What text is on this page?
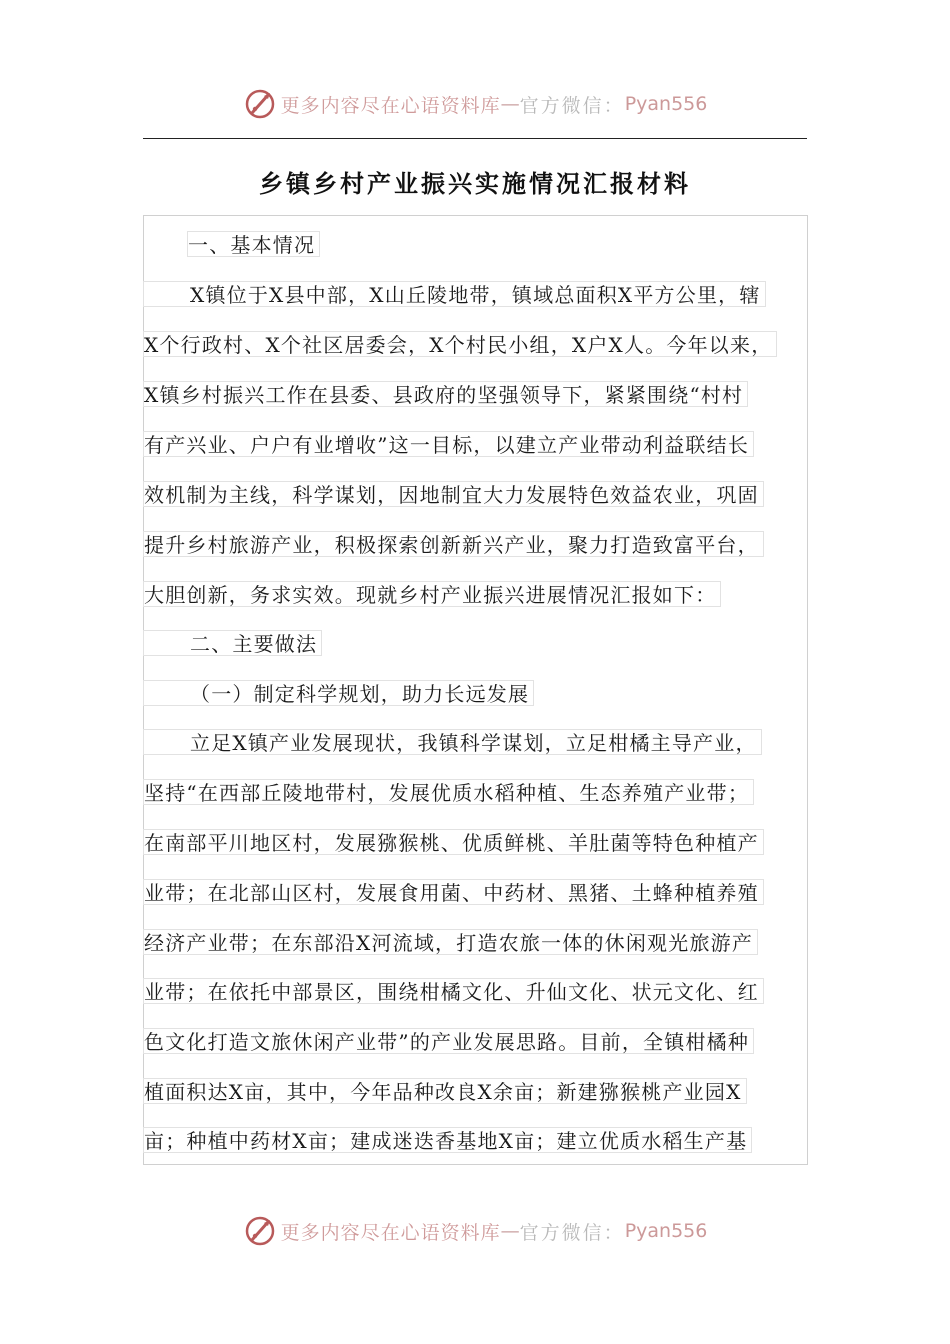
更多内容尽在心语资料库 — 官方微信： Pyan556
乡镇乡村产业振兴实施情况汇报材料
一、基本情况
X镇位于X县中部，X山丘陵地带，镇域总面积X平方公里，辖
X个行政村、X个社区居委会，X个村民小组，X户X人。今年以来，
X镇乡村振兴工作在县委、县政府的坚强领导下，紧紧围绕“村村
有产兴业、户户有业增收”这一目标，以建立产业带动利益联结长
效机制为主线，科学谋划，因地制宜大力发展特色效益农业，巩固
提升乡村旅游产业，积极探索创新新兴产业，聚力打造致富平台，
大胆创新，务求实效。现就乡村产业振兴进展情况汇报如下：
二、主要做法
（一）制定科学规划，助力长远发展
立足X镇产业发展现状，我镇科学谋划，立足柑橘主导产业，
坚持“在西部丘陵地带村，发展优质水稻种植、生态养殖产业带；
在南部平川地区村，发展猕猴桃、优质鲜桃、羊肚菌等特色种植产
业带；在北部山区村，发展食用菌、中药材、黑猪、土蜂种植养殖
经济产业带；在东部沿X河流域，打造农旅一体的休闲观光旅游产
业带；在依托中部景区，围绕柑橘文化、升仙文化、状元文化、红
色文化打造文旅休闲产业带”的产业发展思路。目前，全镇柑橘种
植面积达X亩，其中，今年品种改良X余亩；新建猕猴桃产业园X
亩；种植中药材X亩；建成迷迭香基地X亩；建立优质水稻生产基
更多内容尽在心语资料库 — 官方微信： Pyan556
